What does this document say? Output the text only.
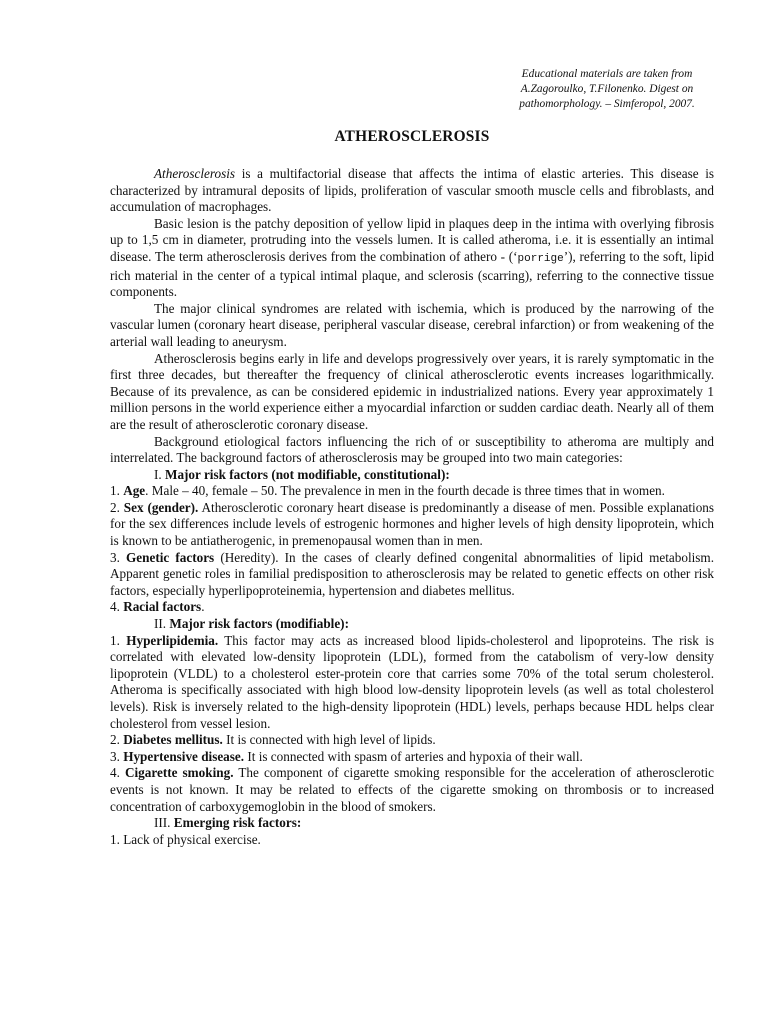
Educational materials are taken from
A.Zagoroulko, T.Filonenko. Digest on
pathomorphology. – Simferopol, 2007.
ATHEROSCLEROSIS

Atherosclerosis is a multifactorial disease that affects the intima of elastic arteries. This disease is characterized by intramural deposits of lipids, proliferation of vascular smooth muscle cells and fibroblasts, and accumulation of macrophages.

Basic lesion is the patchy deposition of yellow lipid in plaques deep in the intima with overlying fibrosis up to 1,5 cm in diameter, protruding into the vessels lumen. It is called atheroma, i.e. it is essentially an intimal disease. The term atherosclerosis derives from the combination of athero - (‘porrige’), referring to the soft, lipid rich material in the center of a typical intimal plaque, and sclerosis (scarring), referring to the connective tissue components.

The major clinical syndromes are related with ischemia, which is produced by the narrowing of the vascular lumen (coronary heart disease, peripheral vascular disease, cerebral infarction) or from weakening of the arterial wall leading to aneurysm.

Atherosclerosis begins early in life and develops progressively over years, it is rarely symptomatic in the first three decades, but thereafter the frequency of clinical atherosclerotic events increases logarithmically. Because of its prevalence, as can be considered epidemic in industrialized nations. Every year approximately 1 million persons in the world experience either a myocardial infarction or sudden cardiac death. Nearly all of them are the result of atherosclerotic coronary disease.

Background etiological factors influencing the rich of or susceptibility to atheroma are multiply and interrelated. The background factors of atherosclerosis may be grouped into two main categories:

I. Major risk factors (not modifiable, constitutional):

1. Age. Male – 40, female – 50. The prevalence in men in the fourth decade is three times that in women.

2. Sex (gender). Atherosclerotic coronary heart disease is predominantly a disease of men. Possible explanations for the sex differences include levels of estrogenic hormones and higher levels of high density lipoprotein, which is known to be antiatherogenic, in premenopausal women than in men.

3. Genetic factors (Heredity). In the cases of clearly defined congenital abnormalities of lipid metabolism. Apparent genetic roles in familial predisposition to atherosclerosis may be related to genetic effects on other risk factors, especially hyperlipoproteinemia, hypertension and diabetes mellitus.

4. Racial factors.

II. Major risk factors (modifiable):

1. Hyperlipidemia. This factor may acts as increased blood lipids-cholesterol and lipoproteins. The risk is correlated with elevated low-density lipoprotein (LDL), formed from the catabolism of very-low density lipoprotein (VLDL) to a cholesterol ester-protein core that carries some 70% of the total serum cholesterol. Atheroma is specifically associated with high blood low-density lipoprotein levels (as well as total cholesterol levels). Risk is inversely related to the high-density lipoprotein (HDL) levels, perhaps because HDL helps clear cholesterol from vessel lesion.

2. Diabetes mellitus. It is connected with high level of lipids.

3. Hypertensive disease. It is connected with spasm of arteries and hypoxia of their wall.

4. Cigarette smoking. The component of cigarette smoking responsible for the acceleration of atherosclerotic events is not known. It may be related to effects of the cigarette smoking on thrombosis or to increased concentration of carboxygemoglobin in the blood of smokers.

III. Emerging risk factors:

1. Lack of physical exercise.
